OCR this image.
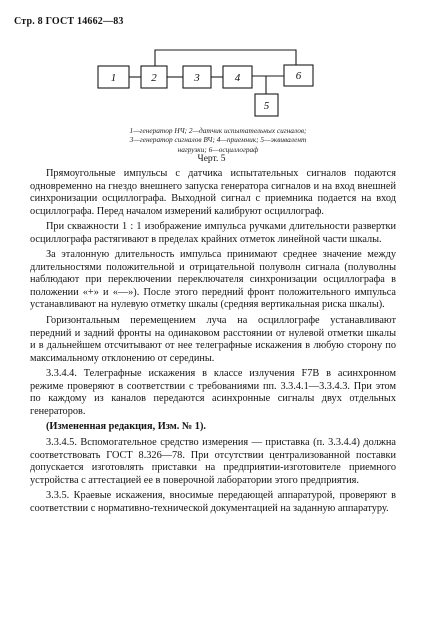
Стр. 8 ГОСТ 14662—83
1	2	3	4	6
5
1—генератор НЧ; 2—датчик испытательных сигналов;
3—генератор сигналов ВЧ; 4—приемник; 5—эквивалент
нагрузки; 6—осциллограф
Черт. 5

Прямоугольные импульсы с датчика испытательных сигналов подаются одновременно на гнездо внешнего запуска генератора сигналов и на вход внешней синхронизации осциллографа. Выходной сигнал с приемника подается на вход осциллографа. Перед началом измерений калибруют осциллограф.

При скважности 1 : 1 изображение импульса ручками длительности развертки осциллографа растягивают в пределах крайних отметок линейной части шкалы.

За эталонную длительность импульса принимают среднее значение между длительностями положительной и отрицательной полуволн сигнала (полуволны наблюдают при переключении переключателя синхронизации осциллографа в положении «+» и «—»). После этого передний фронт положительного импульса устанавливают на нулевую отметку шкалы (средняя вертикальная риска шкалы).

Горизонтальным перемещением луча на осциллографе устанавливают передний и задний фронты на одинаковом расстоянии от нулевой отметки шкалы и в дальнейшем отсчитывают от нее телеграфные искажения в любую сторону по максимальному отклонению от середины.

3.3.4.4. Телеграфные искажения в классе излучения F7B в асинхронном режиме проверяют в соответствии с требованиями пп. 3.3.4.1—3.3.4.3. При этом по каждому из каналов передаются асинхронные сигналы двух отдельных генераторов.

(Измененная редакция, Изм. № 1).

3.3.4.5. Вспомогательное средство измерения — приставка (п. 3.3.4.4) должна соответствовать ГОСТ 8.326—78. При отсутствии централизованной поставки допускается изготовлять приставки на предприятии-изготовителе приемного устройства с аттестацией ее в поверочной лаборатории этого предприятия.

3.3.5. Краевые искажения, вносимые передающей аппаратурой, проверяют в соответствии с нормативно-технической документацией на заданную аппаратуру.
